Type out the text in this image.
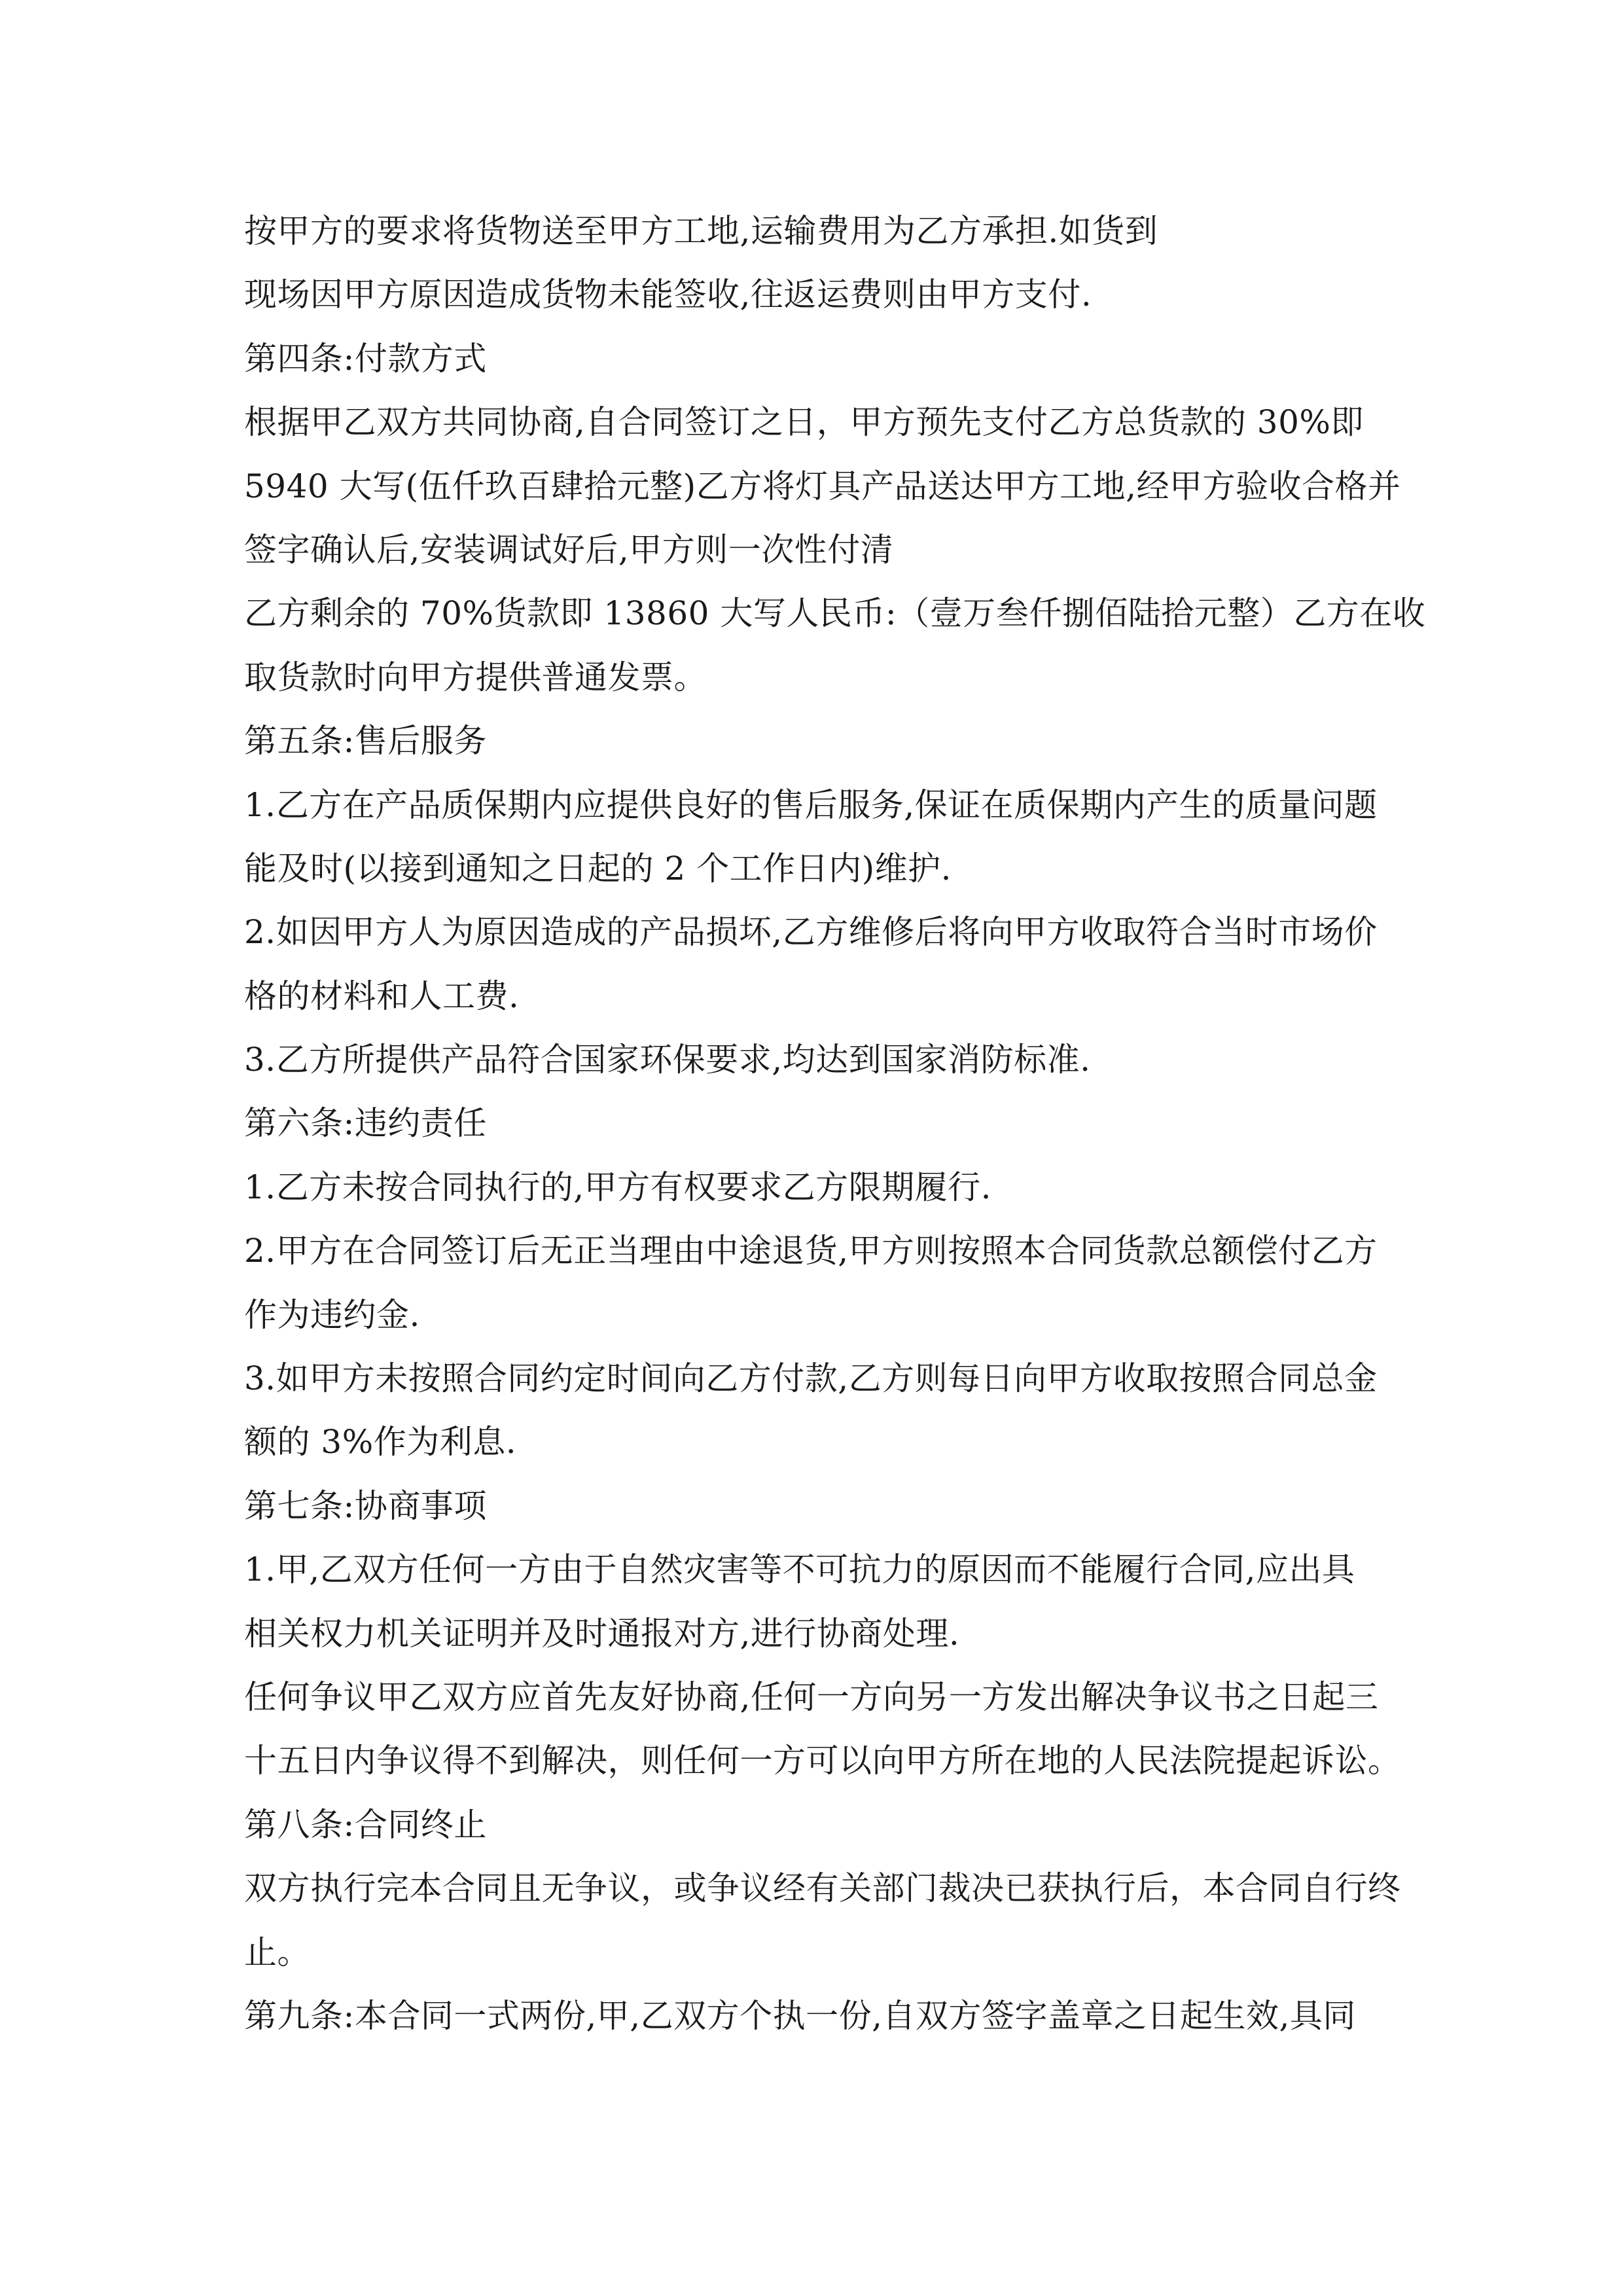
按甲方的要求将货物送至甲方工地,运输费用为乙方承担.如货到
现场因甲方原因造成货物未能签收,往返运费则由甲方支付.
第四条:付款方式
根据甲乙双方共同协商,自合同签订之日，甲方预先支付乙方总货款的 30%即
5940 大写(伍仟玖百肆拾元整)乙方将灯具产品送达甲方工地,经甲方验收合格并
签字确认后,安装调试好后,甲方则一次性付清
乙方剩余的 70%货款即 13860 大写人民币:（壹万叁仟捌佰陆拾元整）乙方在收
取货款时向甲方提供普通发票。
第五条:售后服务
1.乙方在产品质保期内应提供良好的售后服务,保证在质保期内产生的质量问题
能及时(以接到通知之日起的 2 个工作日内)维护.
2.如因甲方人为原因造成的产品损坏,乙方维修后将向甲方收取符合当时市场价
格的材料和人工费.
3.乙方所提供产品符合国家环保要求,均达到国家消防标准.
第六条:违约责任
1.乙方未按合同执行的,甲方有权要求乙方限期履行.
2.甲方在合同签订后无正当理由中途退货,甲方则按照本合同货款总额偿付乙方
作为违约金.
3.如甲方未按照合同约定时间向乙方付款,乙方则每日向甲方收取按照合同总金
额的 3%作为利息.
第七条:协商事项
1.甲,乙双方任何一方由于自然灾害等不可抗力的原因而不能履行合同,应出具
相关权力机关证明并及时通报对方,进行协商处理.
任何争议甲乙双方应首先友好协商,任何一方向另一方发出解决争议书之日起三
十五日内争议得不到解决，则任何一方可以向甲方所在地的人民法院提起诉讼。
第八条:合同终止
双方执行完本合同且无争议，或争议经有关部门裁决已获执行后，本合同自行终
止。
第九条:本合同一式两份,甲,乙双方个执一份,自双方签字盖章之日起生效,具同
